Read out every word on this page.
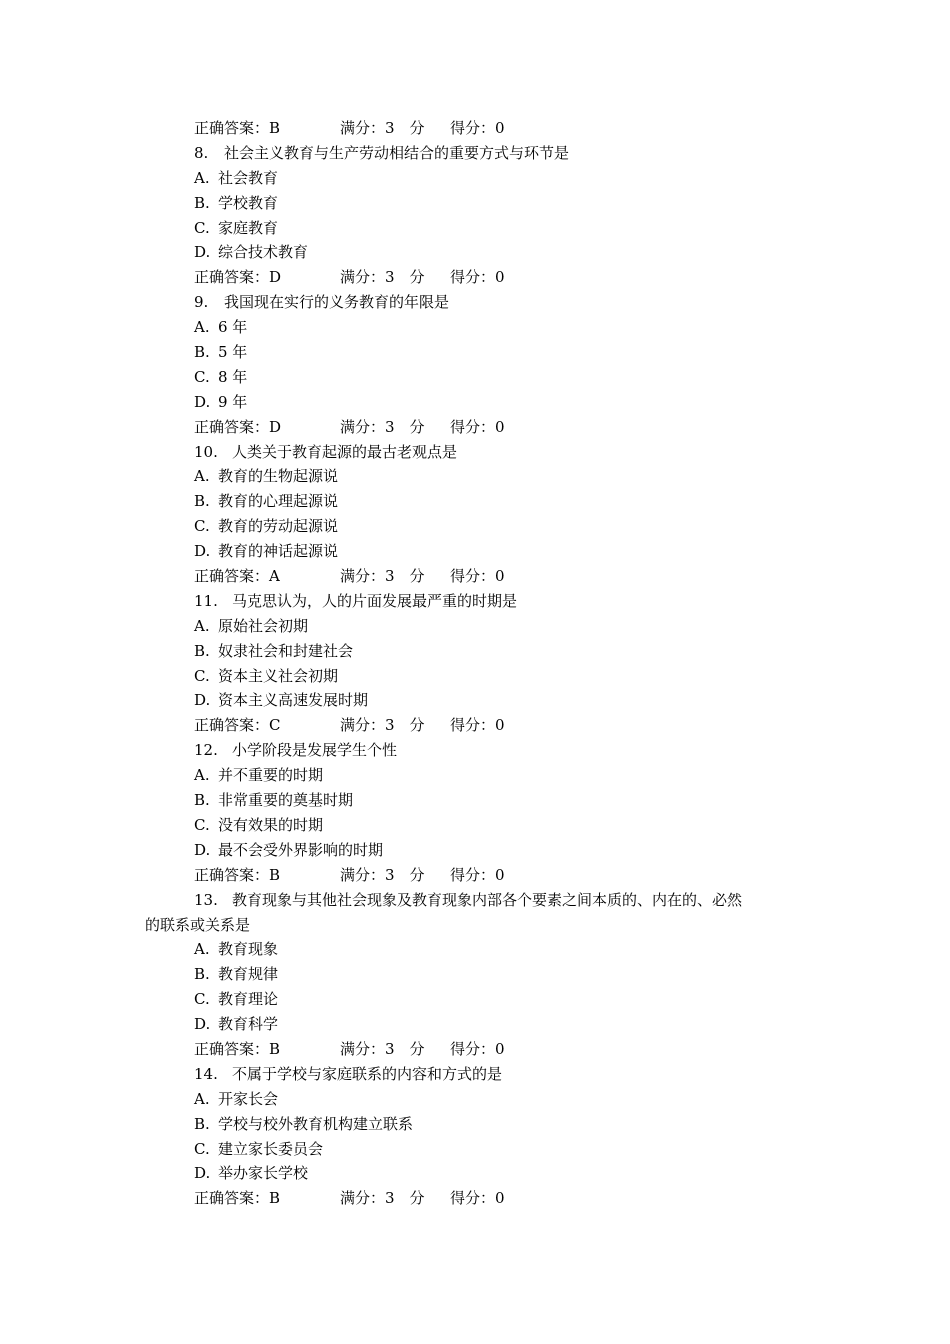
正确答案：B	满分：3　分 得分：0
8. 社会主义教育与生产劳动相结合的重要方式与环节是
A. 社会教育
B. 学校教育
C. 家庭教育
D. 综合技术教育
正确答案：D	满分：3　分 得分：0
9. 我国现在实行的义务教育的年限是
A. 6 年
B. 5 年
C. 8 年
D. 9 年
正确答案：D	满分：3　分 得分：0
10. 人类关于教育起源的最古老观点是
A. 教育的生物起源说
B. 教育的心理起源说
C. 教育的劳动起源说
D. 教育的神话起源说
正确答案：A	满分：3　分 得分：0
11. 马克思认为，人的片面发展最严重的时期是
A. 原始社会初期
B. 奴隶社会和封建社会
C. 资本主义社会初期
D. 资本主义高速发展时期
正确答案：C	满分：3　分 得分：0
12. 小学阶段是发展学生个性
A. 并不重要的时期
B. 非常重要的奠基时期
C. 没有效果的时期
D. 最不会受外界影响的时期
正确答案：B	满分：3　分 得分：0
13. 教育现象与其他社会现象及教育现象内部各个要素之间本质的、内在的、必然
的联系或关系是
A. 教育现象
B. 教育规律
C. 教育理论
D. 教育科学
正确答案：B	满分：3　分 得分：0
14. 不属于学校与家庭联系的内容和方式的是
A. 开家长会
B. 学校与校外教育机构建立联系
C. 建立家长委员会
D. 举办家长学校
正确答案：B	满分：3　分 得分：0
